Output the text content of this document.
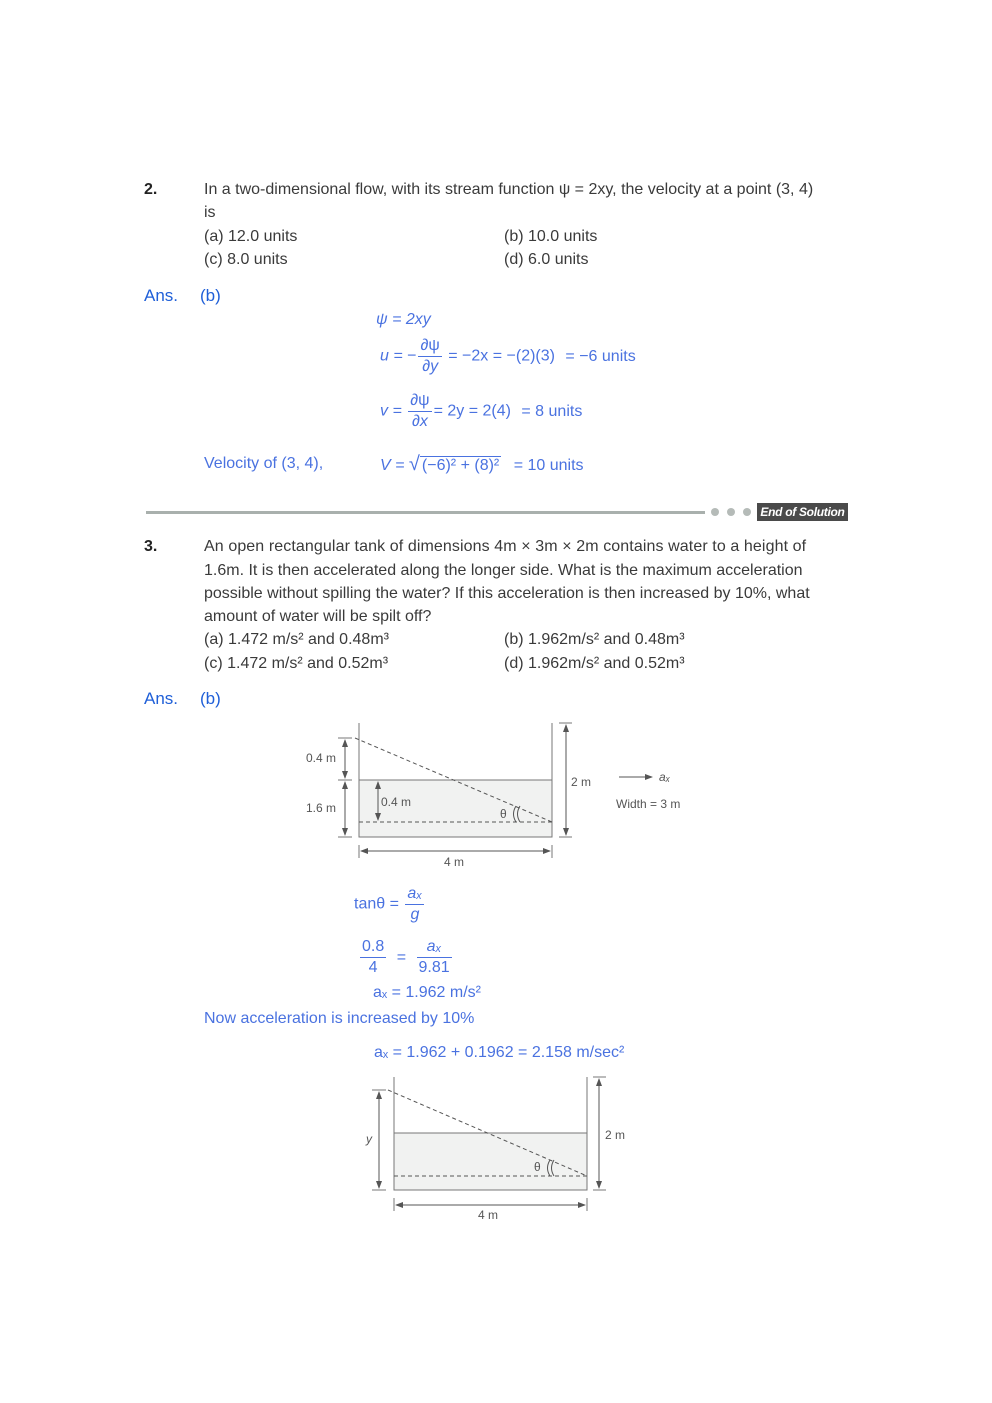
2.	In a two-dimensional flow, with its stream function ψ = 2xy, the velocity at a point (3, 4)
is
(a) 12.0 units	(b) 10.0 units
(c) 8.0 units	(d) 6.0 units
Ans. (b)
ψ = 2xy
u = − $\frac{\partial\psi}{\partial y} = -2x = -(2)(3) = -6$ units
$v = \frac{\partial\psi}{\partial x} = 2y = 2(4) = 8$ units
Velocity of (3, 4),	V = √ (−6)² + (8)² = 10 units
End of Solution
3.	An open rectangular tank of dimensions 4m × 3m × 2m contains water to a height of
1.6m. It is then accelerated along the longer side. What is the maximum acceleration
possible without spilling the water? If this acceleration is then increased by 10%, what
amount of water will be spilt off?
(a) 1.472 m/s² and 0.48m³	(b) 1.962m/s² and 0.48m³
(c) 1.472 m/s² and 0.52m³	(d) 1.962m/s² and 0.52m³
Ans. (b)
0.4 m
1.6 m	0.4 m
θ
2 m
4 m
aₓ
Width = 3 m
y
θ
2 m
4 m
$\tan\theta = \frac{\text{aₓ}}{g}$
$\frac{0.8}{4} = \frac{\text{aₓ}}{9.81}$
aₓ = 1.962 m/s²
Now acceleration is increased by 10%
aₓ = 1.962 + 0.1962 = 2.158 m/sec²
